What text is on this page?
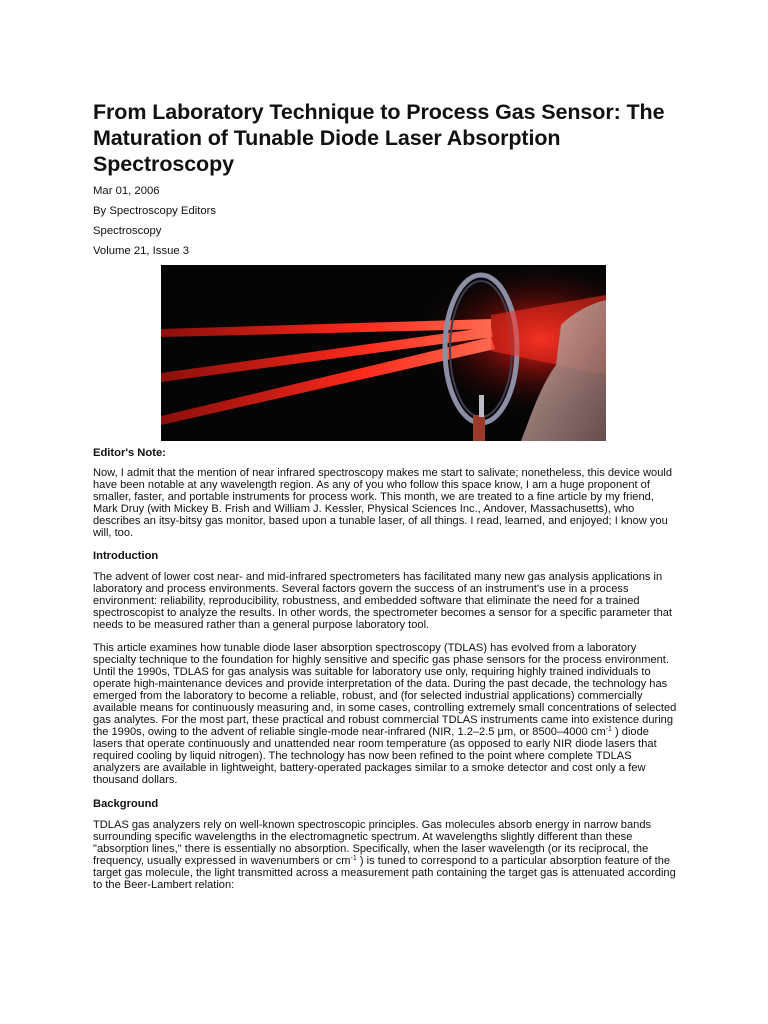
From Laboratory Technique to Process Gas Sensor: The Maturation of Tunable Diode Laser Absorption Spectroscopy

Mar 01, 2006

By Spectroscopy Editors

Spectroscopy

Volume 21, Issue 3

Editor's Note:

Now, I admit that the mention of near infrared spectroscopy makes me start to salivate; nonetheless, this device would have been notable at any wavelength region. As any of you who follow this space know, I am a huge proponent of smaller, faster, and portable instruments for process work. This month, we are treated to a fine article by my friend, Mark Druy (with Mickey B. Frish and William J. Kessler, Physical Sciences Inc., Andover, Massachusetts), who describes an itsy-bitsy gas monitor, based upon a tunable laser, of all things. I read, learned, and enjoyed; I know you will, too.

Introduction

The advent of lower cost near- and mid-infrared spectrometers has facilitated many new gas analysis applications in laboratory and process environments. Several factors govern the success of an instrument's use in a process environment: reliability, reproducibility, robustness, and embedded software that eliminate the need for a trained spectroscopist to analyze the results. In other words, the spectrometer becomes a sensor for a specific parameter that needs to be measured rather than a general purpose laboratory tool.

This article examines how tunable diode laser absorption spectroscopy (TDLAS) has evolved from a laboratory specialty technique to the foundation for highly sensitive and specific gas phase sensors for the process environment. Until the 1990s, TDLAS for gas analysis was suitable for laboratory use only, requiring highly trained individuals to operate high-maintenance devices and provide interpretation of the data. During the past decade, the technology has emerged from the laboratory to become a reliable, robust, and (for selected industrial applications) commercially available means for continuously measuring and, in some cases, controlling extremely small concentrations of selected gas analytes. For the most part, these practical and robust commercial TDLAS instruments came into existence during the 1990s, owing to the advent of reliable single-mode near-infrared (NIR, 1.2–2.5 μm, or 8500–4000 $cm^{-1}$ ) diode lasers that operate continuously and unattended near room temperature (as opposed to early NIR diode lasers that required cooling by liquid nitrogen). The technology has now been refined to the point where complete TDLAS analyzers are available in lightweight, battery-operated packages similar to a smoke detector and cost only a few thousand dollars.

Background

TDLAS gas analyzers rely on well-known spectroscopic principles. Gas molecules absorb energy in narrow bands surrounding specific wavelengths in the electromagnetic spectrum. At wavelengths slightly different than these "absorption lines," there is essentially no absorption. Specifically, when the laser wavelength (or its reciprocal, the frequency, usually expressed in wavenumbers or $cm^{-1}$ ) is tuned to correspond to a particular absorption feature of the target gas molecule, the light transmitted across a measurement path containing the target gas is attenuated according to the Beer-Lambert relation:
